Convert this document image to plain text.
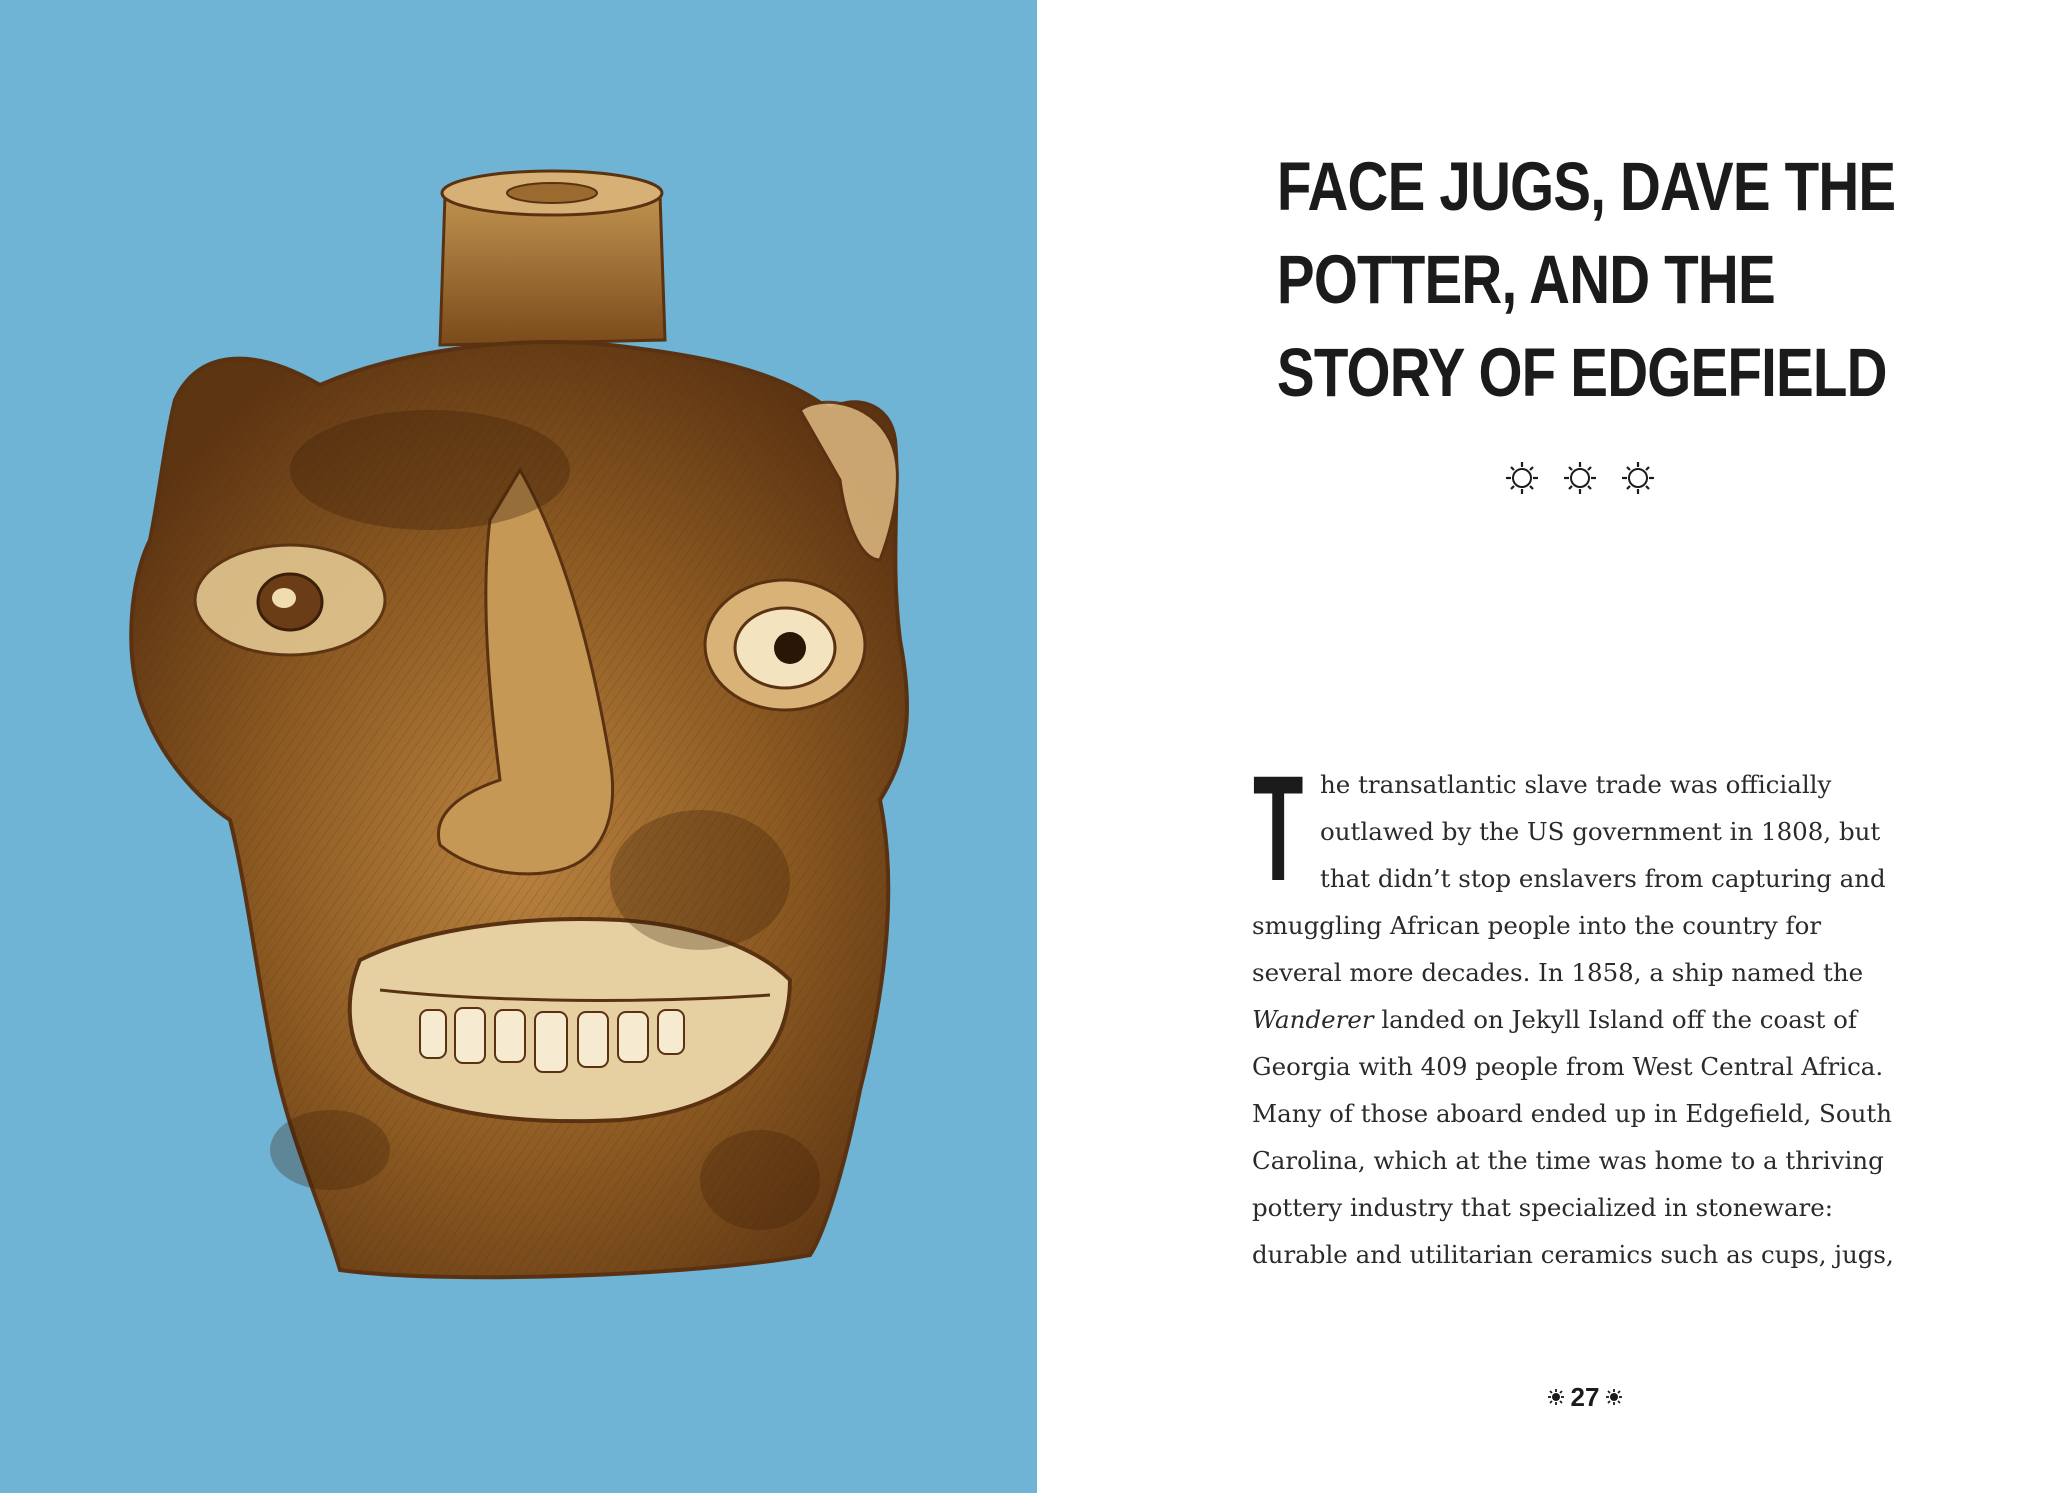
FACE JUGS, DAVE THE
POTTER, AND THE
STORY OF EDGEFIELD
T he transatlantic slave trade was officially
outlawed by the US government in 1808, but
that didn’t stop enslavers from capturing and
smuggling African people into the country for
several more decades. In 1858, a ship named the
Wanderer landed on Jekyll Island off the coast of
Georgia with 409 people from West Central Africa.
Many of those aboard ended up in Edgefield, South
Carolina, which at the time was home to a thriving
pottery industry that specialized in stoneware:
durable and utilitarian ceramics such as cups, jugs,
27
